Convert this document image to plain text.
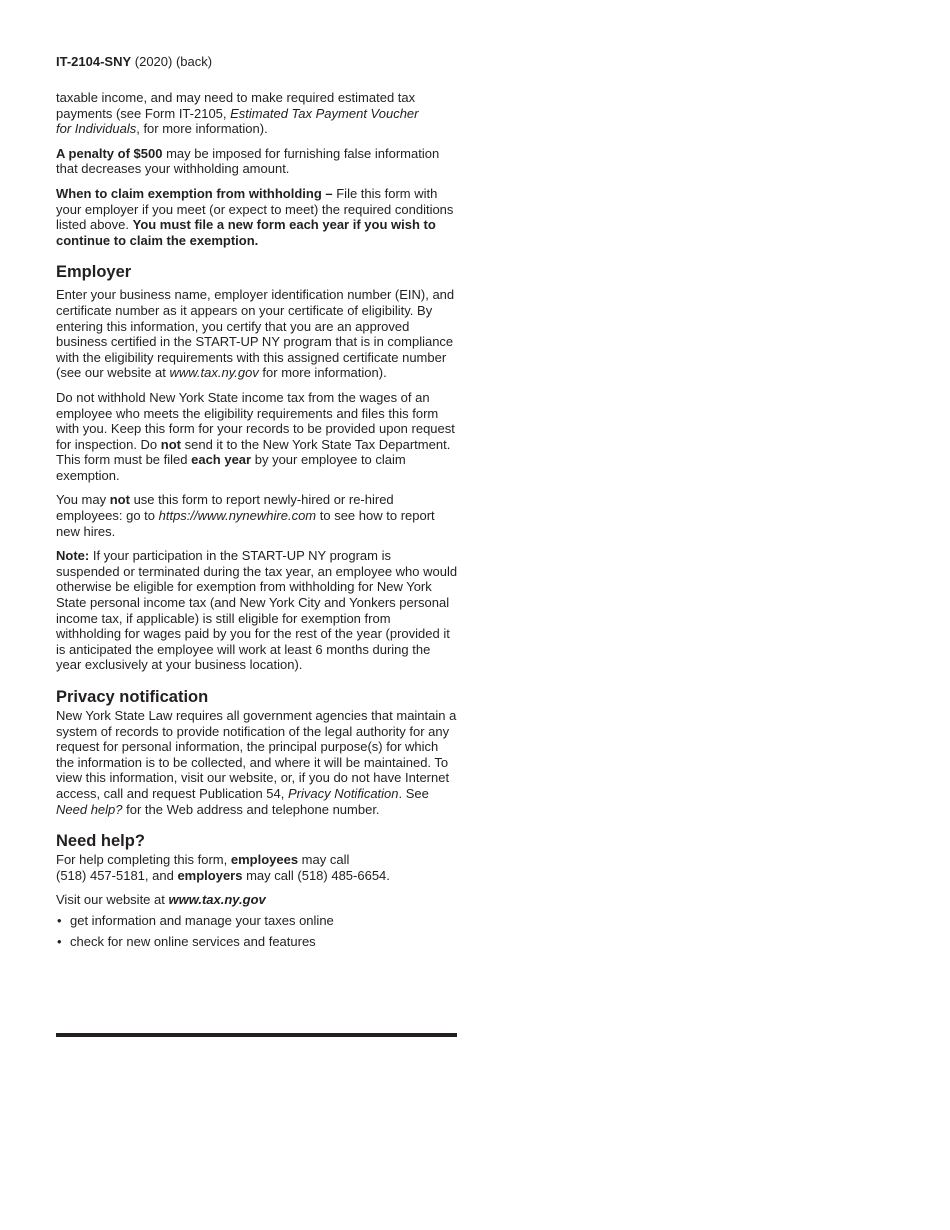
IT-2104-SNY (2020) (back)

taxable income, and may need to make required estimated tax
payments (see Form IT-2105, Estimated Tax Payment Voucher
for Individuals, for more information).

A penalty of $500 may be imposed for furnishing false information that decreases your withholding amount.

When to claim exemption from withholding – File this form with your employer if you meet (or expect to meet) the required conditions listed above. You must file a new form each year if you wish to continue to claim the exemption.

Employer

Enter your business name, employer identification number (EIN), and certificate number as it appears on your certificate of eligibility. By entering this information, you certify that you are an approved business certified in the START-UP NY program that is in compliance with the eligibility requirements with this assigned certificate number (see our website at www.tax.ny.gov for more information).

Do not withhold New York State income tax from the wages of an employee who meets the eligibility requirements and files this form with you. Keep this form for your records to be provided upon request for inspection. Do not send it to the New York State Tax Department. This form must be filed each year by your employee to claim exemption.

You may not use this form to report newly-hired or re-hired employees: go to https://www.nynewhire.com to see how to report new hires.

Note: If your participation in the START-UP NY program is suspended or terminated during the tax year, an employee who would otherwise be eligible for exemption from withholding for New York State personal income tax (and New York City and Yonkers personal income tax, if applicable) is still eligible for exemption from withholding for wages paid by you for the rest of the year (provided it is anticipated the employee will work at least 6 months during the year exclusively at your business location).

Privacy notification

New York State Law requires all government agencies that maintain a system of records to provide notification of the legal authority for any request for personal information, the principal purpose(s) for which the information is to be collected, and where it will be maintained. To view this information, visit our website, or, if you do not have Internet access, call and request Publication 54, Privacy Notification. See Need help? for the Web address and telephone number.

Need help?

For help completing this form, employees may call
(518) 457-5181, and employers may call (518) 485-6654.

Visit our website at www.tax.ny.gov

• get information and manage your taxes online
• check for new online services and features
